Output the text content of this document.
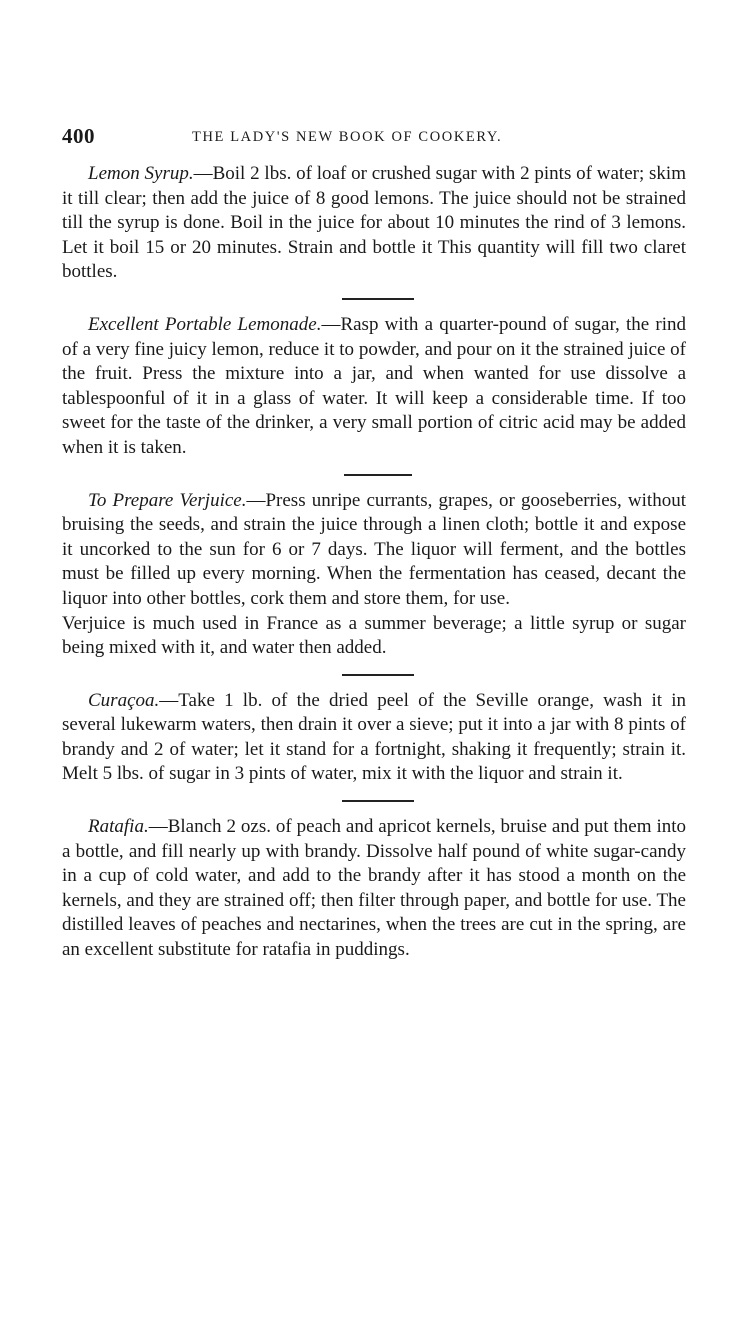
400	THE LADY'S NEW BOOK OF COOKERY.

Lemon Syrup.—Boil 2 lbs. of loaf or crushed sugar with 2 pints of water; skim it till clear; then add the juice of 8 good lemons. The juice should not be strained till the syrup is done. Boil in the juice for about 10 minutes the rind of 3 lemons. Let it boil 15 or 20 minutes. Strain and bottle it This quantity will fill two claret bottles.

Excellent Portable Lemonade.—Rasp with a quarter-pound of sugar, the rind of a very fine juicy lemon, reduce it to powder, and pour on it the strained juice of the fruit. Press the mixture into a jar, and when wanted for use dissolve a tablespoonful of it in a glass of water. It will keep a considerable time. If too sweet for the taste of the drinker, a very small portion of citric acid may be added when it is taken.

To Prepare Verjuice.—Press unripe currants, grapes, or gooseberries, without bruising the seeds, and strain the juice through a linen cloth; bottle it and expose it uncorked to the sun for 6 or 7 days. The liquor will ferment, and the bottles must be filled up every morning. When the fermentation has ceased, decant the liquor into other bottles, cork them and store them, for use.

Verjuice is much used in France as a summer beverage; a little syrup or sugar being mixed with it, and water then added.

Curaçoa.—Take 1 lb. of the dried peel of the Seville orange, wash it in several lukewarm waters, then drain it over a sieve; put it into a jar with 8 pints of brandy and 2 of water; let it stand for a fortnight, shaking it frequently; strain it. Melt 5 lbs. of sugar in 3 pints of water, mix it with the liquor and strain it.

Ratafia.—Blanch 2 ozs. of peach and apricot kernels, bruise and put them into a bottle, and fill nearly up with brandy. Dissolve half pound of white sugar-candy in a cup of cold water, and add to the brandy after it has stood a month on the kernels, and they are strained off; then filter through paper, and bottle for use. The distilled leaves of peaches and nectarines, when the trees are cut in the spring, are an excellent substitute for ratafia in puddings.
